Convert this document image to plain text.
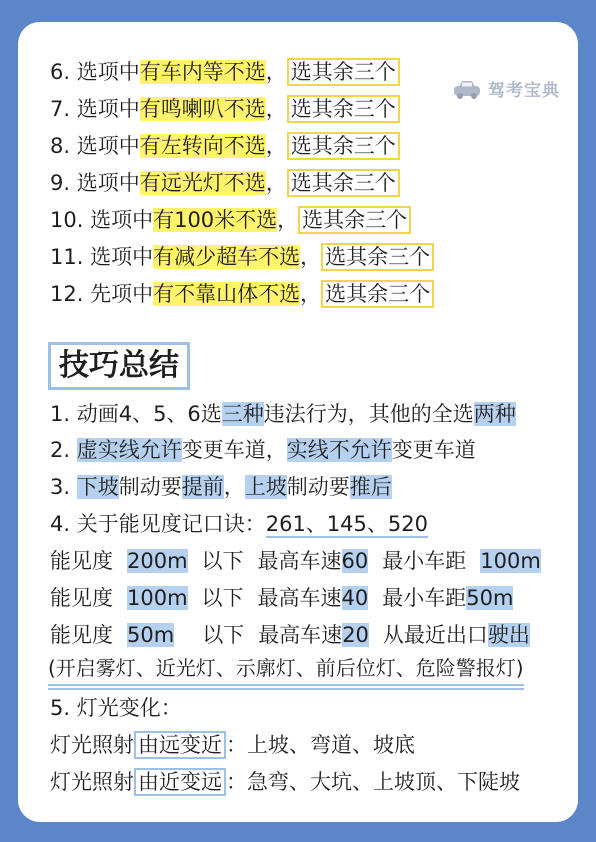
驾考宝典
6. 选项中有车内等不选， 选其余三个
7. 选项中有鸣喇叭不选， 选其余三个
8. 选项中有左转向不选， 选其余三个
9. 选项中有远光灯不选， 选其余三个
10. 选项中有100米不选， 选其余三个
11. 选项中有减少超车不选， 选其余三个
12. 先项中有不靠山体不选， 选其余三个
技巧总结
1. 动画4、5、6选三种违法行为，其他的全选两种
2. 虚实线允许变更车道，实线不允许变更车道
3. 下坡制动要提前，上坡制动要推后
4. 关于能见度记口诀：261、145、520
能见度 200m 以下 最高车速60 最小车距 100m
能见度 100m 以下 最高车速40 最小车距50m
能见度 50m 以下 最高车速20 从最近出口驶出
(开启雾灯、近光灯、示廓灯、前后位灯、危险警报灯)
5. 灯光变化：
灯光照射 由远变近 ：上坡、弯道、坡底
灯光照射 由近变远 ：急弯、大坑、上坡顶、下陡坡
